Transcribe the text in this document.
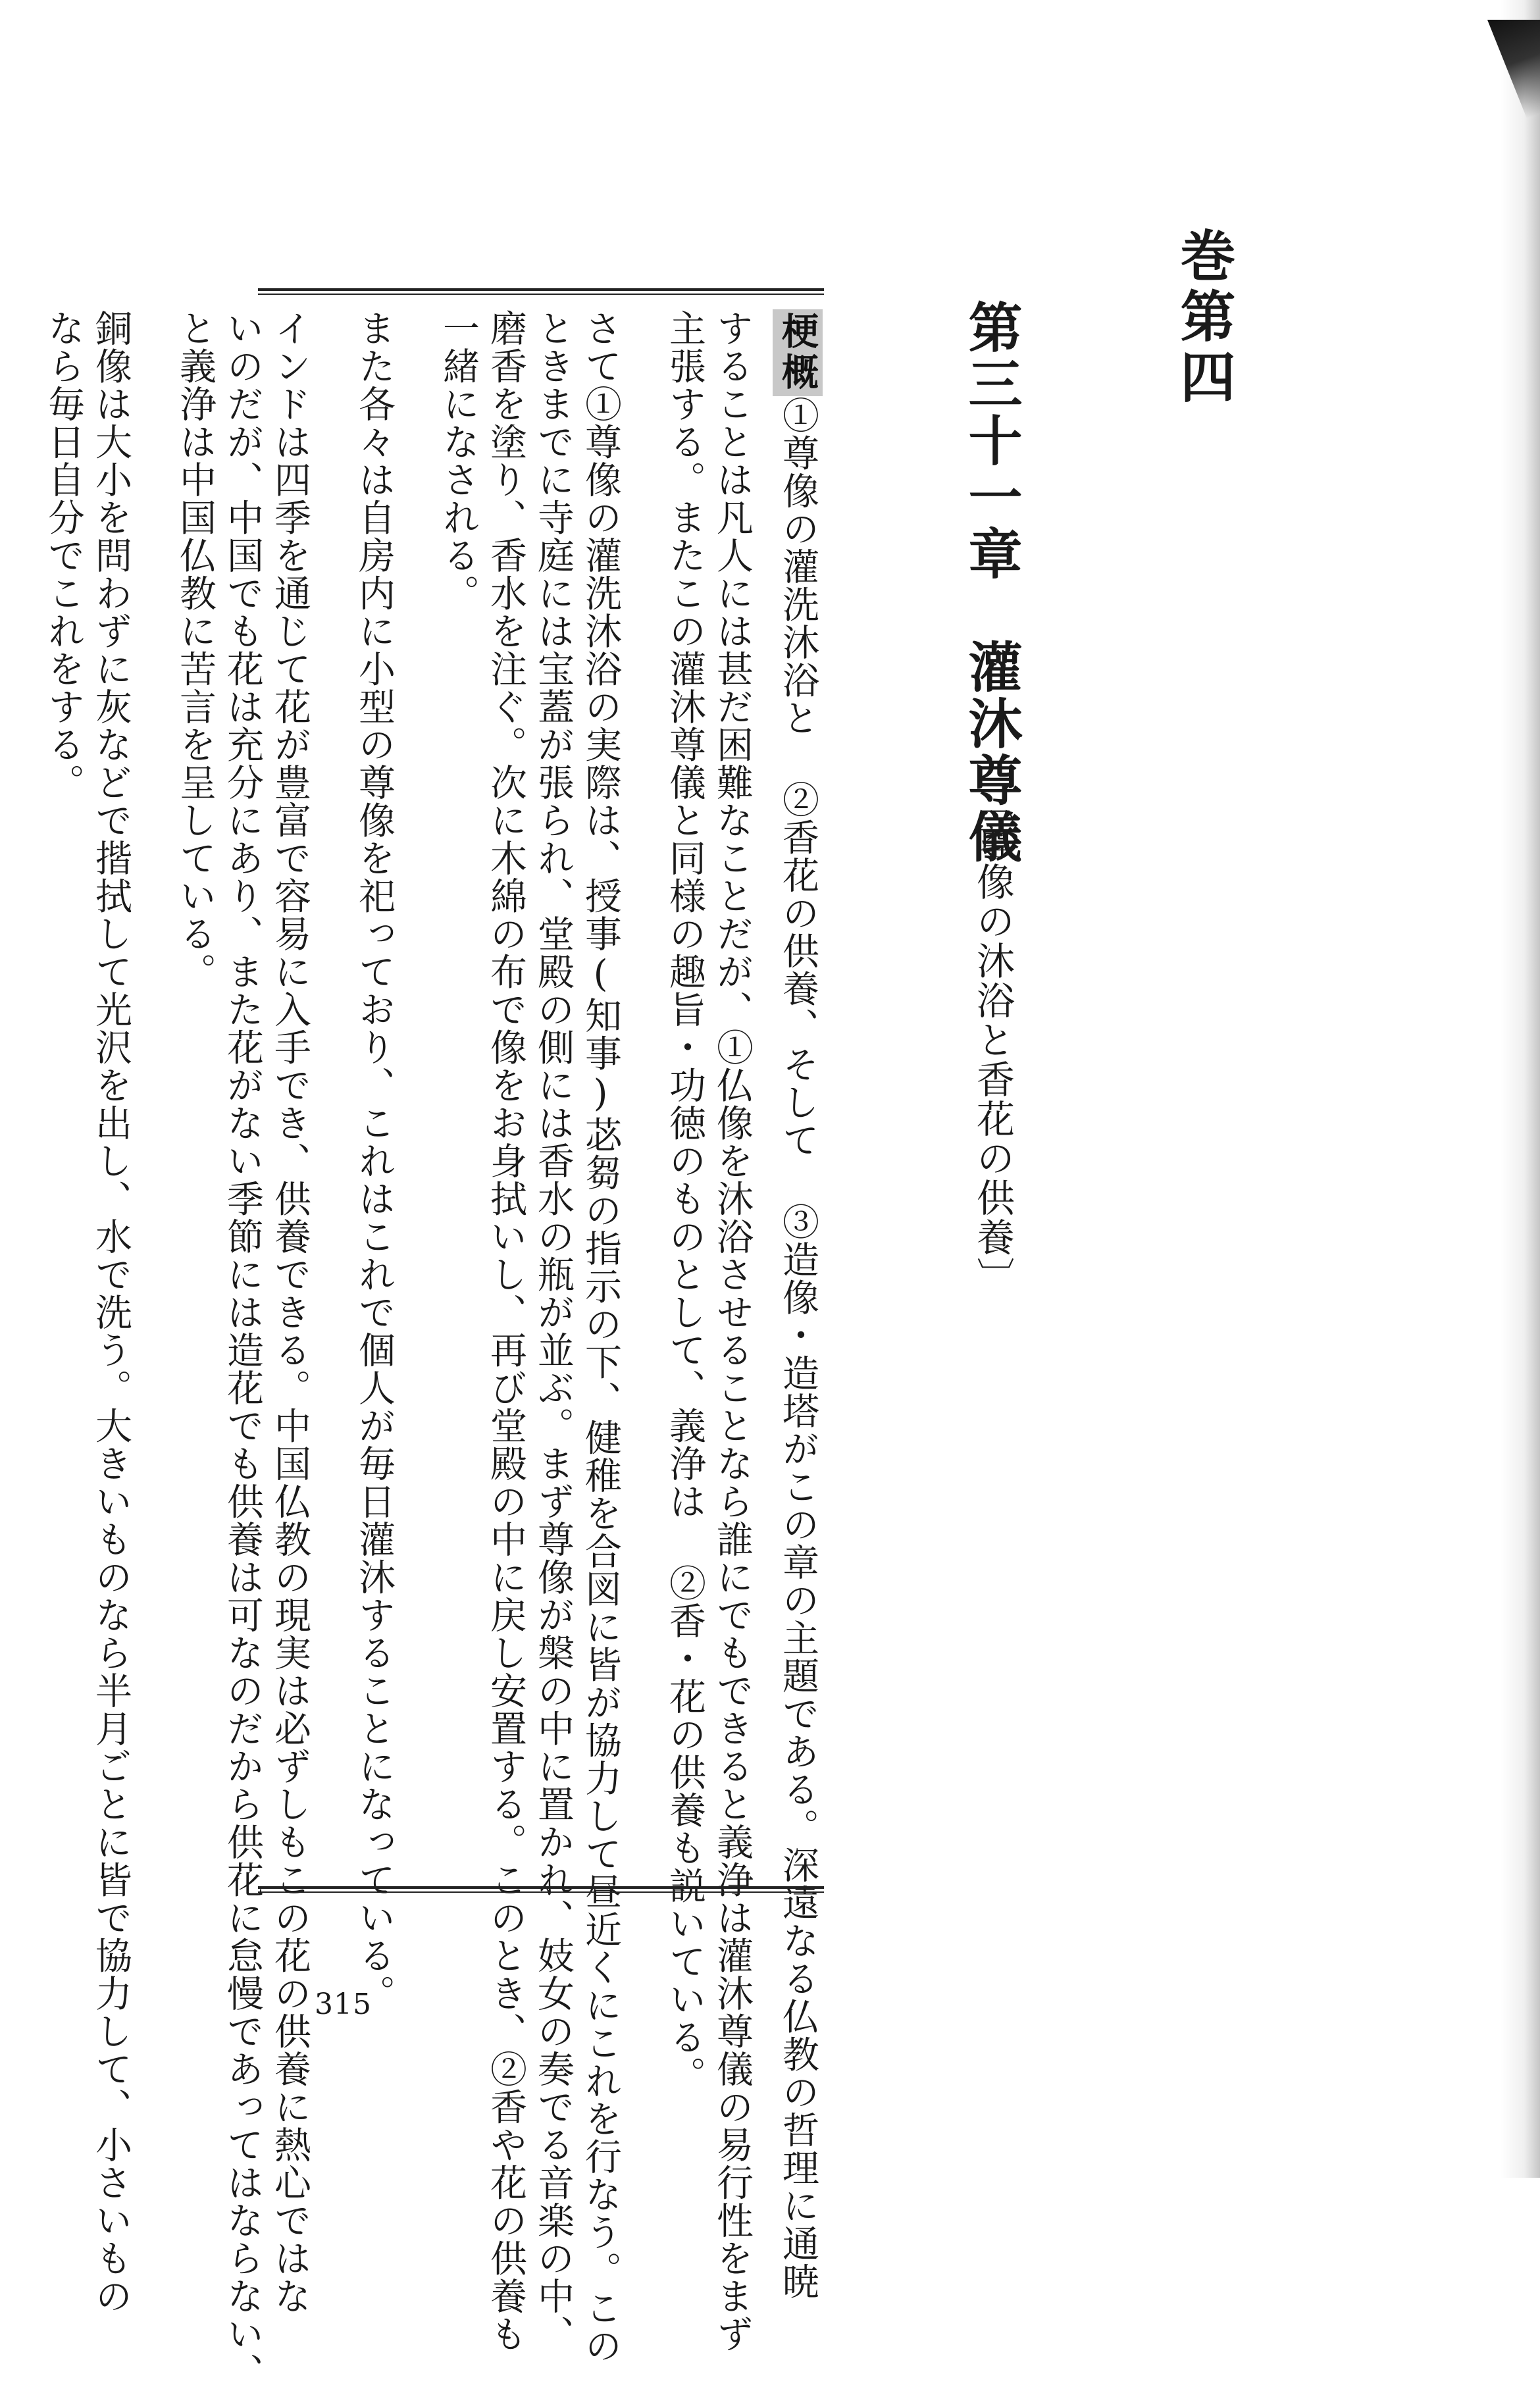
巻第四
第三十一章　灌沐尊儀
〔尊像の沐浴と香花の供養〕
梗概①尊像の灌洗沐浴と ②香花の供養、そして ③造像・造塔がこの章の主題である。深遠なる仏教の哲理に通暁
することは凡人には甚だ困難なことだが、①仏像を沐浴させることなら誰にでもできると義浄は灌沐尊儀の易行性をまず
主張する。またこの灌沐尊儀と同様の趣旨・功徳のものとして、義浄は ②香・花の供養も説いている。
さて①尊像の灌洗沐浴の実際は、授事(知事)苾芻の指示の下、健稚を合図に皆が協力して昼近くにこれを行なう。この
ときまでに寺庭には宝蓋が張られ、堂殿の側には香水の瓶が並ぶ。まず尊像が槃の中に置かれ、妓女の奏でる音楽の中、
磨香を塗り、香水を注ぐ。次に木綿の布で像をお身拭いし、再び堂殿の中に戻し安置する。このとき、②香や花の供養も
一緒になされる。
また各々は自房内に小型の尊像を祀っており、これはこれで個人が毎日灌沐することになっている。
インドは四季を通じて花が豊富で容易に入手でき、供養できる。中国仏教の現実は必ずしもこの花の供養に熱心ではな
いのだが、中国でも花は充分にあり、また花がない季節には造花でも供養は可なのだから供花に怠慢であってはならない、
と義浄は中国仏教に苦言を呈している。
銅像は大小を問わずに灰などで揩拭して光沢を出し、水で洗う。大きいものなら半月ごとに皆で協力して、小さいもの
なら毎日自分でこれをする。
315
